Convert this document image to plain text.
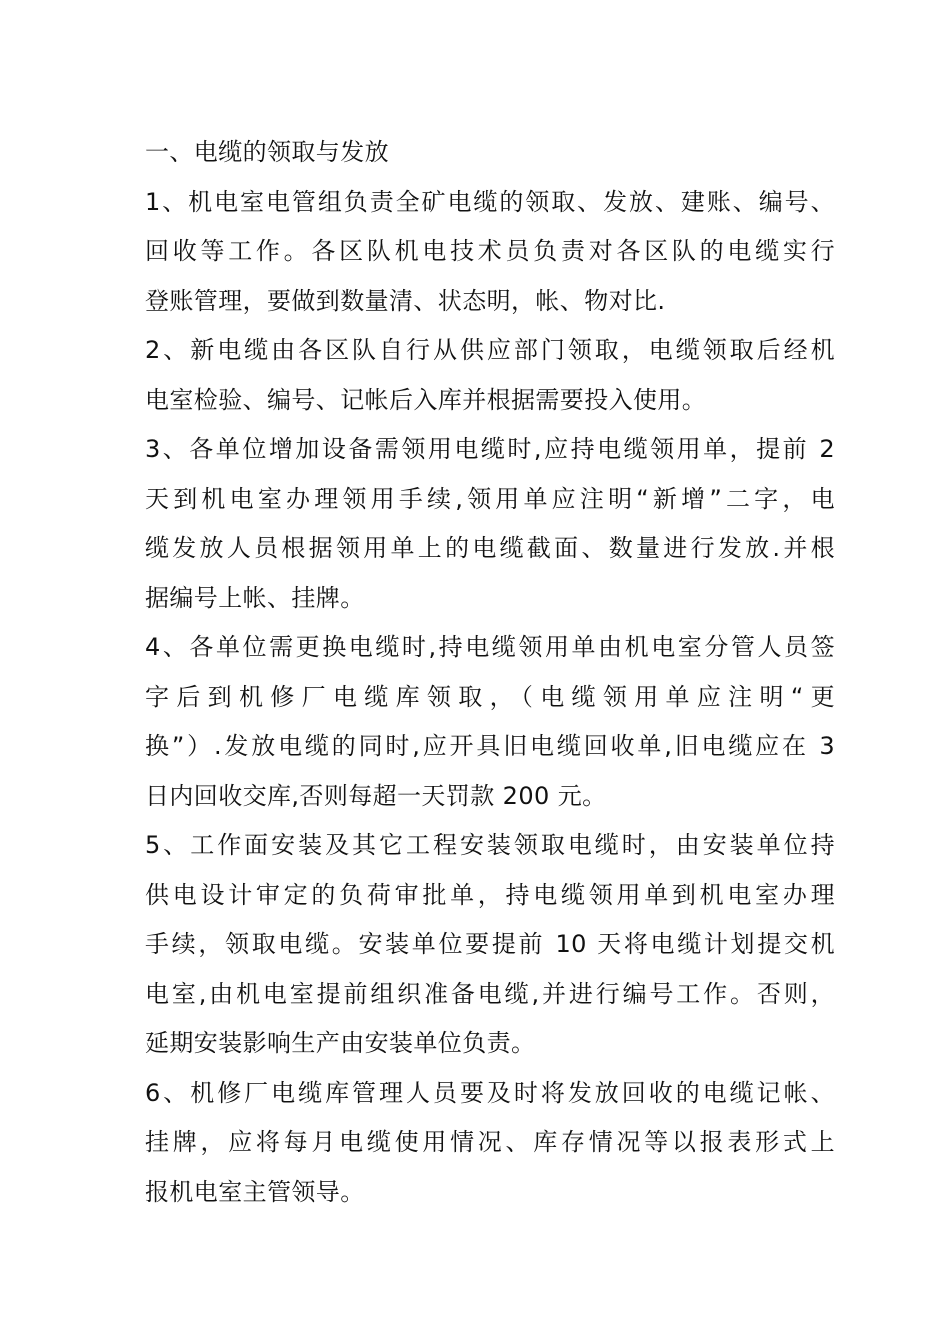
一、电缆的领取与发放
1、机电室电管组负责全矿电缆的领取、发放、建账、编号、
回收等工作。各区队机电技术员负责对各区队的电缆实行
登账管理，要做到数量清、状态明，帐、物对比.
2、新电缆由各区队自行从供应部门领取，电缆领取后经机
电室检验、编号、记帐后入库并根据需要投入使用。
3、各单位增加设备需领用电缆时,应持电缆领用单，提前 2
天到机电室办理领用手续,领用单应注明“新增”二字，电
缆发放人员根据领用单上的电缆截面、数量进行发放.并根
据编号上帐、挂牌。
4、各单位需更换电缆时,持电缆领用单由机电室分管人员签
字后到机修厂电缆库领取，（电缆领用单应注明“更
换”）.发放电缆的同时,应开具旧电缆回收单,旧电缆应在 3
日内回收交库,否则每超一天罚款 200 元。
5、工作面安装及其它工程安装领取电缆时，由安装单位持
供电设计审定的负荷审批单，持电缆领用单到机电室办理
手续，领取电缆。安装单位要提前 10 天将电缆计划提交机
电室,由机电室提前组织准备电缆,并进行编号工作。否则，
延期安装影响生产由安装单位负责。
6、机修厂电缆库管理人员要及时将发放回收的电缆记帐、
挂牌，应将每月电缆使用情况、库存情况等以报表形式上
报机电室主管领导。
